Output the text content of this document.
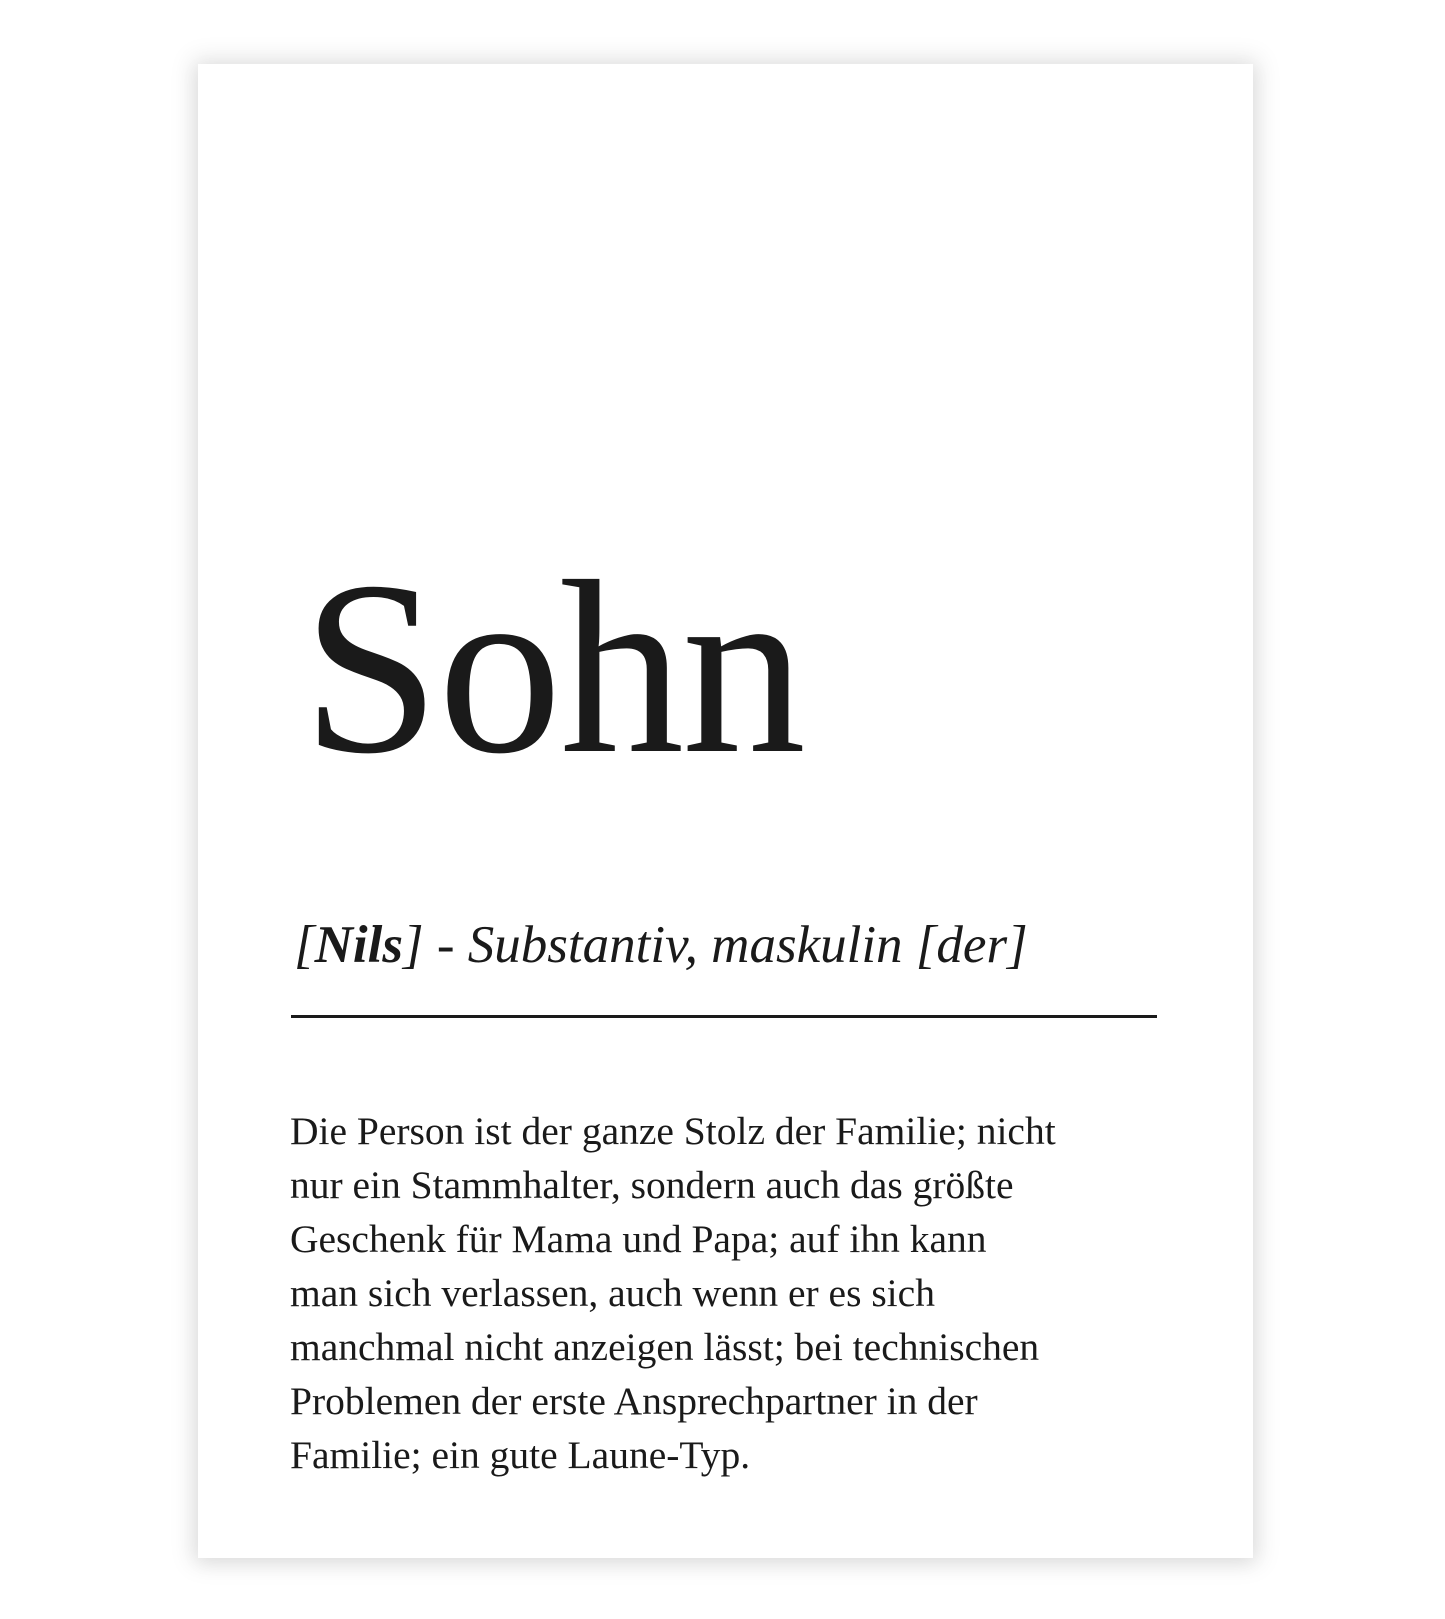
Sohn

[Nils] - Substantiv, maskulin [der]

Die Person ist der ganze Stolz der Familie; nicht
nur ein Stammhalter, sondern auch das größte
Geschenk für Mama und Papa; auf ihn kann
man sich verlassen, auch wenn er es sich
manchmal nicht anzeigen lässt; bei technischen
Problemen der erste Ansprechpartner in der
Familie; ein gute Laune-Typ.
